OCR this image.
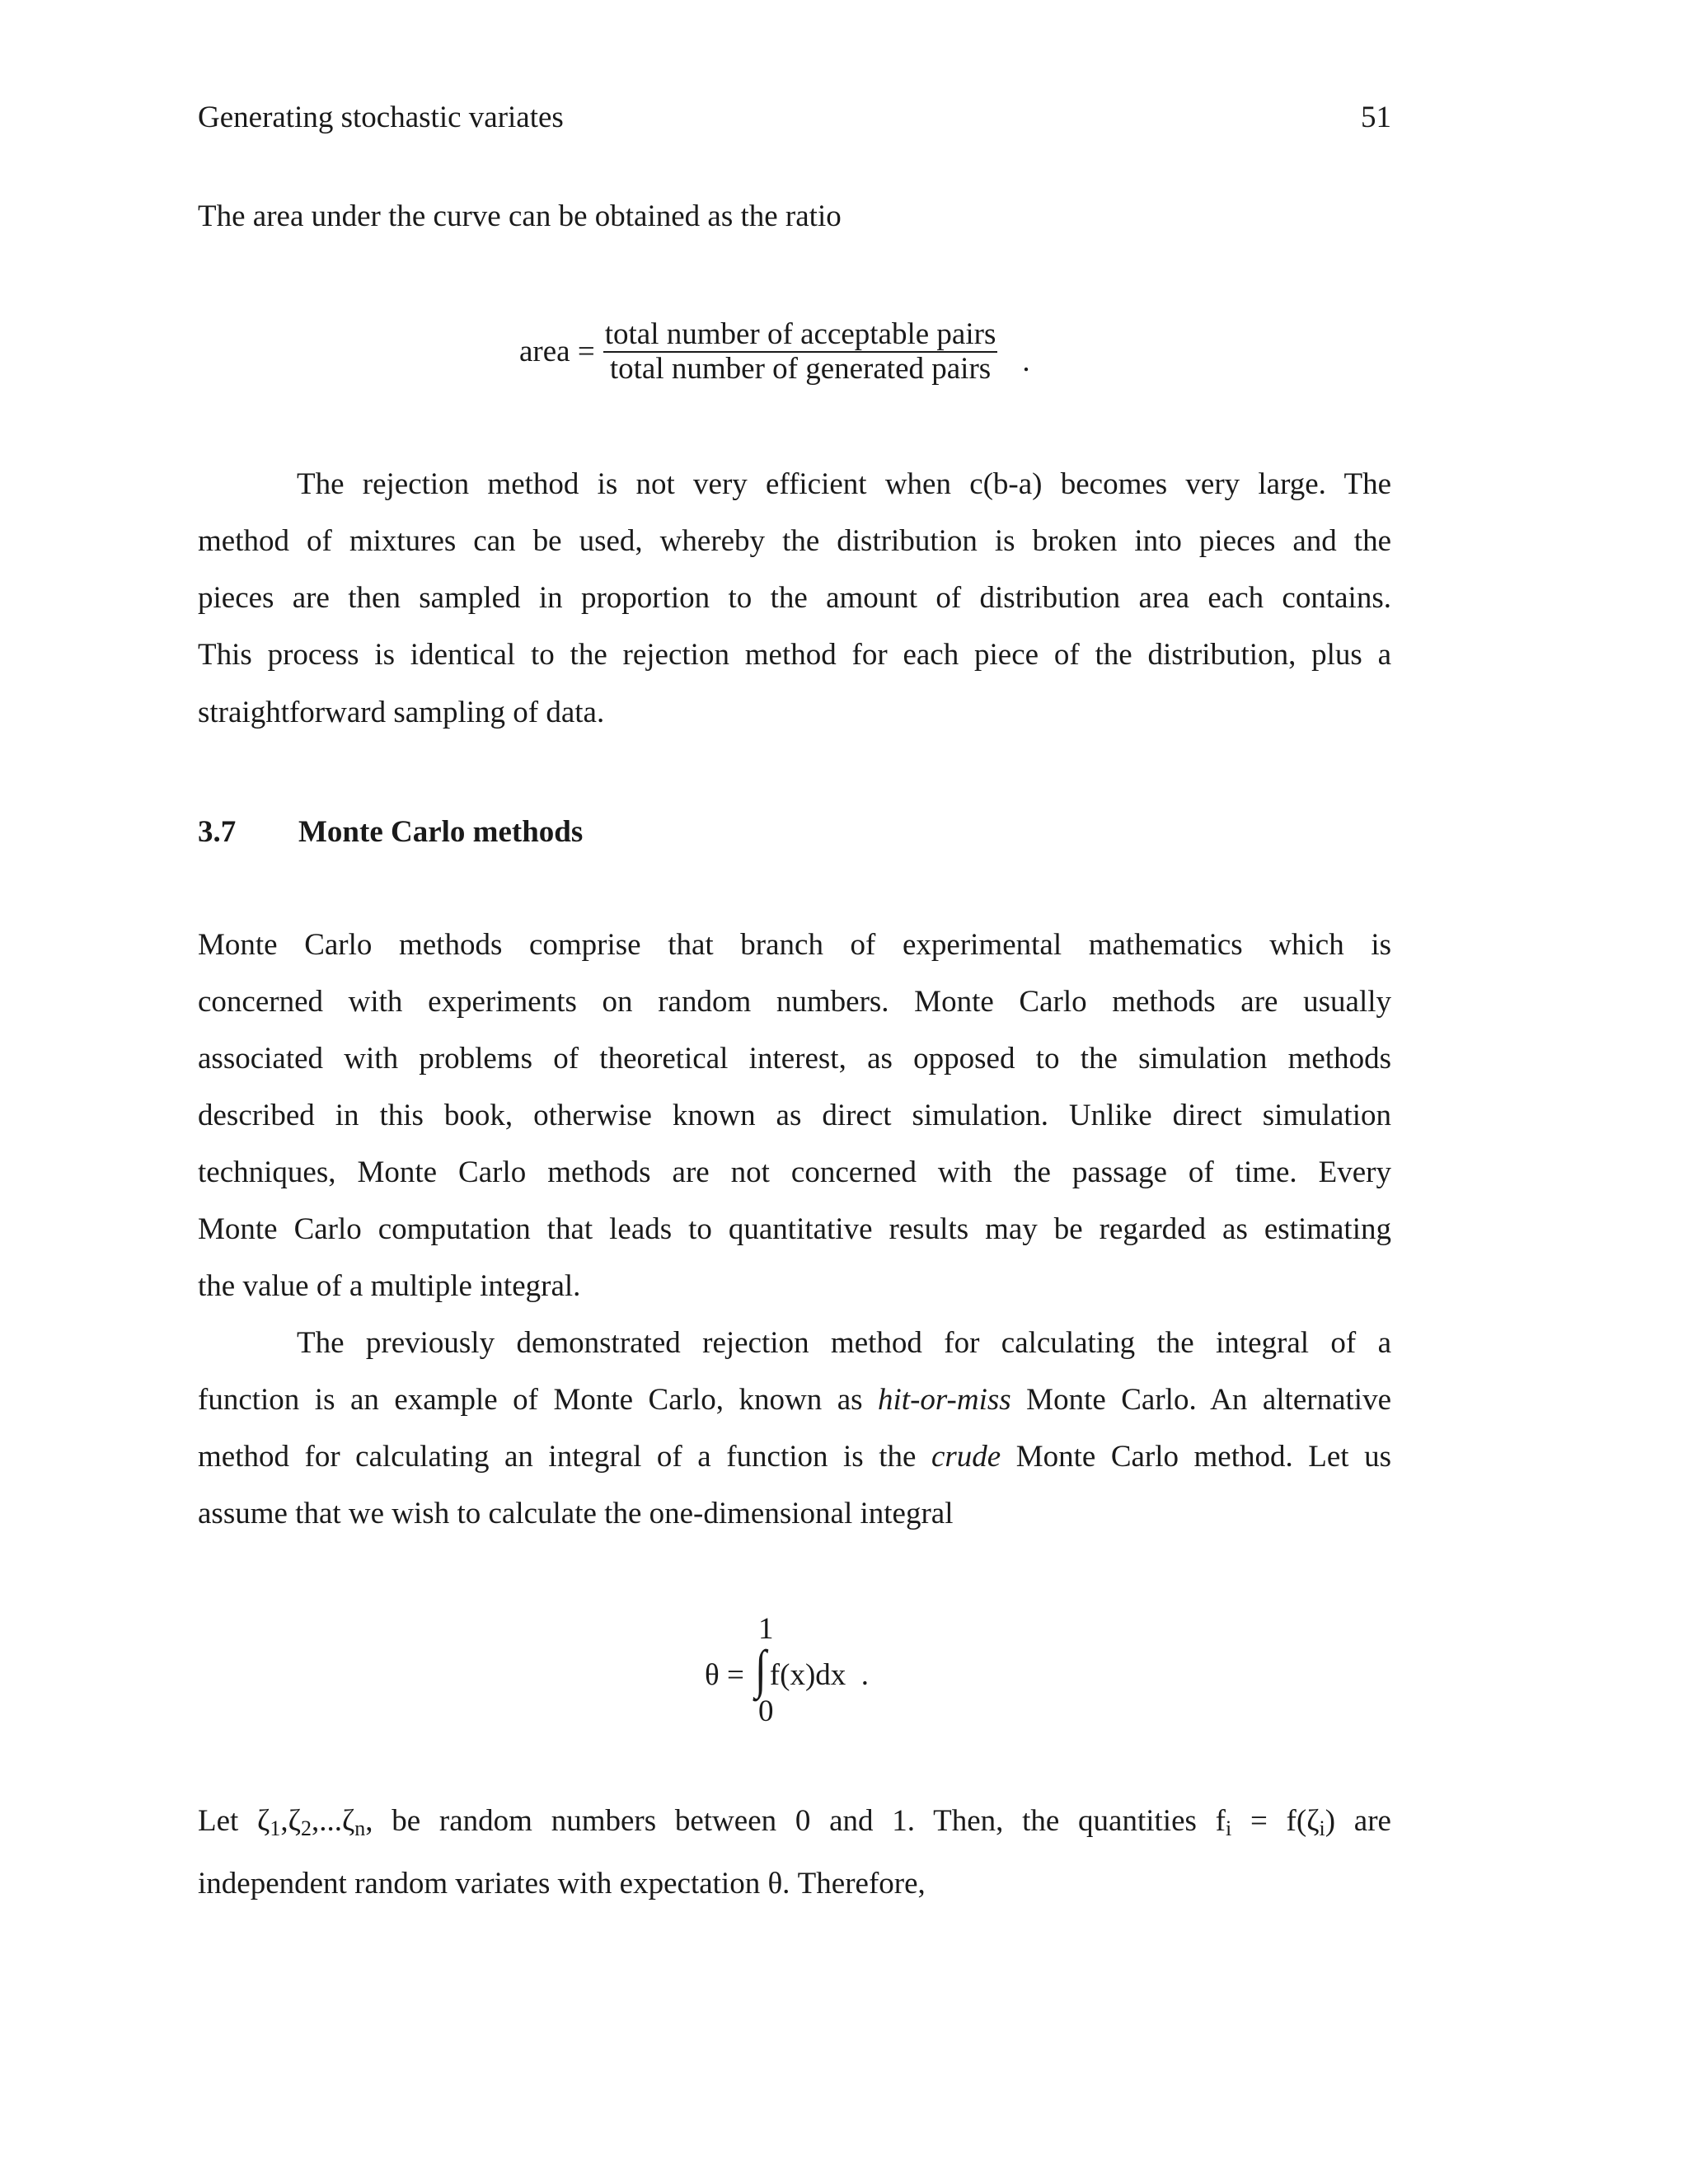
Generating stochastic variates	51
The area under the curve can be obtained as the ratio
area = $\frac{\text{total number of acceptable pairs}}{\text{total number of generated pairs}}$ .
The rejection method is not very efficient when c(b-a) becomes very large. The
method of mixtures can be used, whereby the distribution is broken into pieces and the
pieces are then sampled in proportion to the amount of distribution area each contains.
This process is identical to the rejection method for each piece of the distribution, plus a
straightforward sampling of data.
3.7 Monte Carlo methods
Monte Carlo methods comprise that branch of experimental mathematics which is
concerned with experiments on random numbers. Monte Carlo methods are usually
associated with problems of theoretical interest, as opposed to the simulation methods
described in this book, otherwise known as direct simulation. Unlike direct simulation
techniques, Monte Carlo methods are not concerned with the passage of time. Every
Monte Carlo computation that leads to quantitative results may be regarded as estimating
the value of a multiple integral.
The previously demonstrated rejection method for calculating the integral of a
function is an example of Monte Carlo, known as hit-or-miss Monte Carlo. An alternative
method for calculating an integral of a function is the crude Monte Carlo method. Let us
assume that we wish to calculate the one-dimensional integral
1
θ = ∫ f(x)dx .
0
Let $\zeta_1,\zeta_2,...\zeta_n$, be random numbers between 0 and 1. Then, the quantities $f_i = f(\zeta_i)$ are
independent random variates with expectation θ. Therefore,
